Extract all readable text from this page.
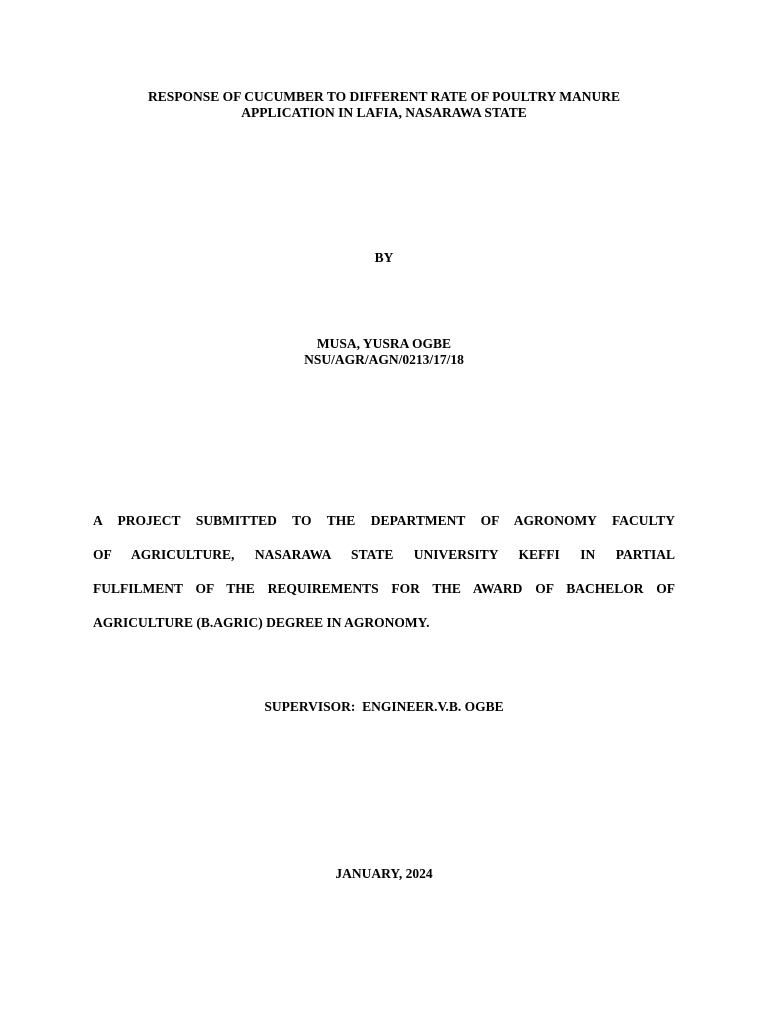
RESPONSE OF CUCUMBER TO DIFFERENT RATE OF POULTRY MANURE
APPLICATION IN LAFIA, NASARAWA STATE
BY
MUSA, YUSRA OGBE
NSU/AGR/AGN/0213/17/18
A PROJECT SUBMITTED TO THE DEPARTMENT OF AGRONOMY FACULTY
OF AGRICULTURE, NASARAWA STATE UNIVERSITY KEFFI IN PARTIAL
FULFILMENT OF THE REQUIREMENTS FOR THE AWARD OF BACHELOR OF
AGRICULTURE (B.AGRIC) DEGREE IN AGRONOMY.
SUPERVISOR:  ENGINEER.V.B. OGBE
JANUARY, 2024
